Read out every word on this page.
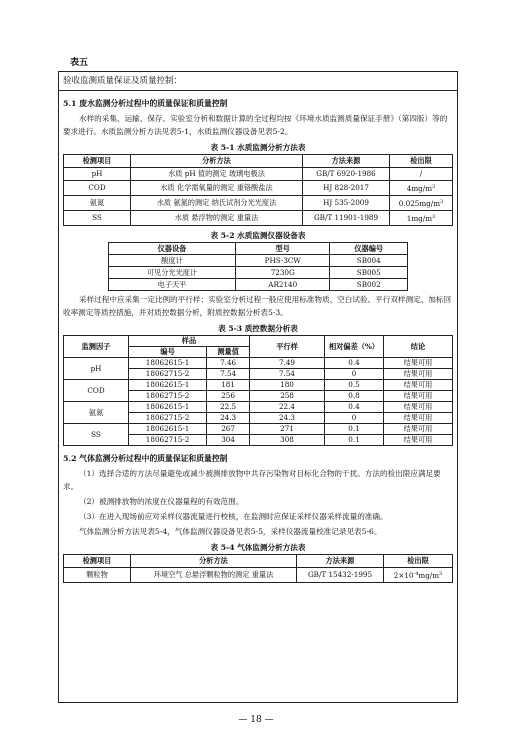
表五
验收监测质量保证及质量控制：
5.1 废水监测分析过程中的质量保证和质量控制
水样的采集、运输、保存、实验室分析和数据计算的全过程均按《环境水质监测质量保证手册》（第四版）等的要求进行。水质监测分析方法见表5-1，水质监测仪器设备见表5-2。
表 5-1 水质监测分析方法表
检测项目	分析方法	方法来源	检出限
pH	水质 pH 值的测定 玻璃电极法	GB/T 6920-1986	/
COD	水质 化学需氧量的测定 重铬酸盐法	HJ 828-2017	$4mg/m^3$
氨氮	水质 氨氮的测定 纳氏试剂分光光度法	HJ 535-2009	$0.025mg/m^3$
SS	水质 悬浮物的测定 重量法	GB/T 11901-1989	$1mg/m^3$
表 5-2 水质监测仪器设备表
仪器设备	型号	仪器编号
酸度计	PHS-3CW	SB004
可见分光光度计	7230G	SB005
电子天平	AR2140	SB002
采样过程中应采集一定比例的平行样；实验室分析过程一般应使用标准物质、空白试验、平行双样测定、加标回收率测定等质控措施，并对质控数据分析，附质控数据分析表5-3。
表 5-3 质控数据分析表
监测因子	样品		平行样	相对偏差（%）	结论
	编号	测量值			
pH	18062615-1	7.46	7.49	0.4	结果可用
	18062715-2	7.54	7.54	0	结果可用
COD	18062615-1	181	180	0.5	结果可用
	18062715-2	256	258	0.8	结果可用
氨氮	18062615-1	22.5	22.4	0.4	结果可用
	18062715-2	24.3	24.3	0	结果可用
SS	18062615-1	267	271	0.1	结果可用
	18062715-2	304	308	0.1	结果可用
5.2 气体监测分析过程中的质量保证和质量控制
（1）选择合适的方法尽量避免或减少被测排放物中共存污染物对目标化合物的干扰。方法的检出限应满足要求。
（2）被测排放物的浓度在仪器量程的有效范围。
（3）在进入现场前应对采样仪器流量进行校核，在监测时应保证采样仪器采样流量的准确。
气体监测分析方法见表5-4，气体监测仪器设备见表5-5，采样仪器流量校准记录见表5-6。
表 5-4 气体监测分析方法表
检测项目	分析方法	方法来源	检出限
颗粒物	环境空气 总悬浮颗粒物的测定 重量法	GB/T 15432-1995	$2\times 10^{-4}mg/m^3$
— 18 —
